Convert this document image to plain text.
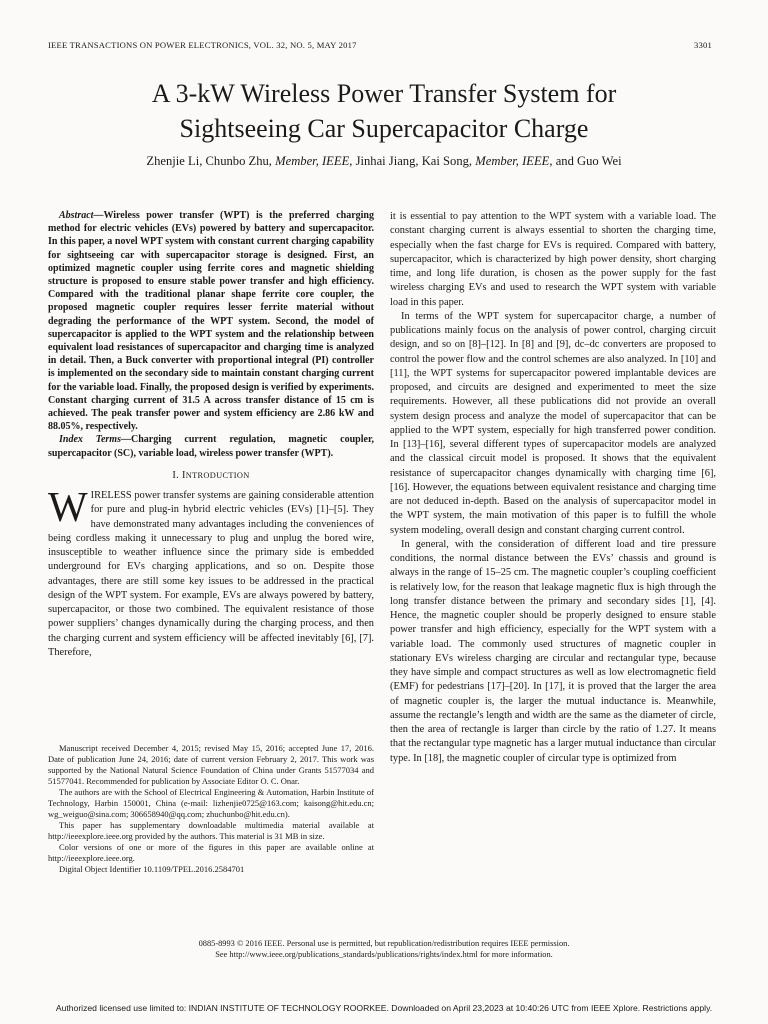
IEEE TRANSACTIONS ON POWER ELECTRONICS, VOL. 32, NO. 5, MAY 2017	3301
A 3-kW Wireless Power Transfer System for
Sightseeing Car Supercapacitor Charge
Zhenjie Li, Chunbo Zhu, Member, IEEE, Jinhai Jiang, Kai Song, Member, IEEE, and Guo Wei

Abstract—Wireless power transfer (WPT) is the preferred charging method for electric vehicles (EVs) powered by battery and supercapacitor. In this paper, a novel WPT system with constant current charging capability for sightseeing car with supercapacitor storage is designed. First, an optimized magnetic coupler using ferrite cores and magnetic shielding structure is proposed to ensure stable power transfer and high efficiency. Compared with the traditional planar shape ferrite core coupler, the proposed magnetic coupler requires lesser ferrite material without degrading the performance of the WPT system. Second, the model of supercapacitor is applied to the WPT system and the relationship between equivalent load resistances of supercapacitor and charging time is analyzed in detail. Then, a Buck converter with proportional integral (PI) controller is implemented on the secondary side to maintain constant charging current for the variable load. Finally, the proposed design is verified by experiments. Constant charging current of 31.5 A across transfer distance of 15 cm is achieved. The peak transfer power and system efficiency are 2.86 kW and 88.05%, respectively.

Index Terms—Charging current regulation, magnetic coupler, supercapacitor (SC), variable load, wireless power transfer (WPT).

I. INTRODUCTION

WIRELESS power transfer systems are gaining considerable attention for pure and plug-in hybrid electric vehicles (EVs) [1]–[5]. They have demonstrated many advantages including the conveniences of being cordless making it unnecessary to plug and unplug the bored wire, insusceptible to weather influence since the primary side is embedded underground for EVs charging applications, and so on. Despite those advantages, there are still some key issues to be addressed in the practical design of the WPT system. For example, EVs are always powered by battery, supercapacitor, or those two combined. The equivalent resistance of those power suppliers’ changes dynamically during the charging process, and then the charging current and system efficiency will be affected inevitably [6], [7]. Therefore,

Manuscript received December 4, 2015; revised May 15, 2016; accepted June 17, 2016. Date of publication June 24, 2016; date of current version February 2, 2017. This work was supported by the National Natural Science Foundation of China under Grants 51577034 and 51577041. Recommended for publication by Associate Editor O. C. Onar.

The authors are with the School of Electrical Engineering & Automation, Harbin Institute of Technology, Harbin 150001, China (e-mail: lizhenjie0725@163.com; kaisong@hit.edu.cn; wg_weiguo@sina.com; 306658940@qq.com; zhuchunbo@hit.edu.cn).

This paper has supplementary downloadable multimedia material available at http://ieeexplore.ieee.org provided by the authors. This material is 31 MB in size.

Color versions of one or more of the figures in this paper are available online at http://ieeexplore.ieee.org.

Digital Object Identifier 10.1109/TPEL.2016.2584701

it is essential to pay attention to the WPT system with a variable load. The constant charging current is always essential to shorten the charging time, especially when the fast charge for EVs is required. Compared with battery, supercapacitor, which is characterized by high power density, short charging time, and long life duration, is chosen as the power supply for the fast wireless charging EVs and used to research the WPT system with variable load in this paper.

In terms of the WPT system for supercapacitor charge, a number of publications mainly focus on the analysis of power control, charging circuit design, and so on [8]–[12]. In [8] and [9], dc–dc converters are proposed to control the power flow and the control schemes are also analyzed. In [10] and [11], the WPT systems for supercapacitor powered implantable devices are proposed, and circuits are designed and experimented to meet the size requirements. However, all these publications did not provide an overall system design process and analyze the model of supercapacitor that can be applied to the WPT system, especially for high transferred power condition. In [13]–[16], several different types of supercapacitor models are analyzed and the classical circuit model is proposed. It shows that the equivalent resistance of supercapacitor changes dynamically with charging time [6], [16]. However, the equations between equivalent resistance and charging time are not deduced in-depth. Based on the analysis of supercapacitor model in the WPT system, the main motivation of this paper is to fulfill the whole system modeling, overall design and constant charging current control.

In general, with the consideration of different load and tire pressure conditions, the normal distance between the EVs’ chassis and ground is always in the range of 15–25 cm. The magnetic coupler’s coupling coefficient is relatively low, for the reason that leakage magnetic flux is high through the long transfer distance between the primary and secondary sides [1], [4]. Hence, the magnetic coupler should be properly designed to ensure stable power transfer and high efficiency, especially for the WPT system with a variable load. The commonly used structures of magnetic coupler in stationary EVs wireless charging are circular and rectangular type, because they have simple and compact structures as well as low electromagnetic field (EMF) for pedestrians [17]–[20]. In [17], it is proved that the larger the area of magnetic coupler is, the larger the mutual inductance is. Meanwhile, assume the rectangle’s length and width are the same as the diameter of circle, then the area of rectangle is larger than circle by the ratio of 1.27. It means that the rectangular type magnetic has a larger mutual inductance than circular type. In [18], the magnetic coupler of circular type is optimized from

0885-8993 © 2016 IEEE. Personal use is permitted, but republication/redistribution requires IEEE permission.
See http://www.ieee.org/publications_standards/publications/rights/index.html for more information.
Authorized licensed use limited to: INDIAN INSTITUTE OF TECHNOLOGY ROORKEE. Downloaded on April 23,2023 at 10:40:26 UTC from IEEE Xplore. Restrictions apply.
